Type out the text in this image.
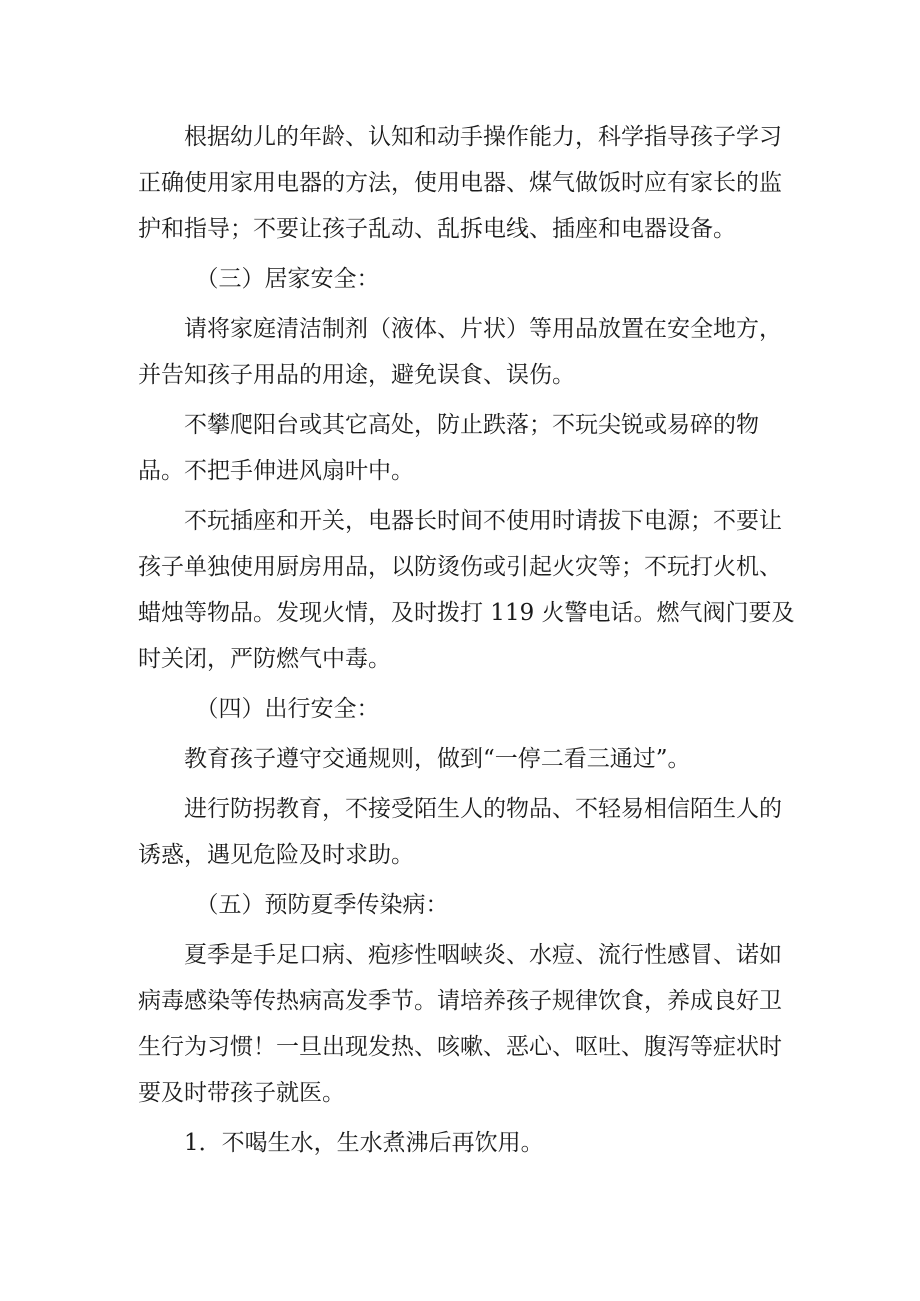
根据幼儿的年龄、认知和动手操作能力，科学指导孩子学习
正确使用家用电器的方法，使用电器、煤气做饭时应有家长的监
护和指导；不要让孩子乱动、乱拆电线、插座和电器设备。
（三）居家安全：
请将家庭清洁制剂（液体、片状）等用品放置在安全地方，
并告知孩子用品的用途，避免误食、误伤。
不攀爬阳台或其它高处，防止跌落；不玩尖锐或易碎的物
品。不把手伸进风扇叶中。
不玩插座和开关，电器长时间不使用时请拔下电源；不要让
孩子单独使用厨房用品，以防烫伤或引起火灾等；不玩打火机、
蜡烛等物品。发现火情，及时拨打 119 火警电话。燃气阀门要及
时关闭，严防燃气中毒。
（四）出行安全：
教育孩子遵守交通规则，做到“一停二看三通过”。
进行防拐教育，不接受陌生人的物品、不轻易相信陌生人的
诱惑，遇见危险及时求助。
（五）预防夏季传染病：
夏季是手足口病、疱疹性咽峡炎、水痘、流行性感冒、诺如
病毒感染等传热病高发季节。请培养孩子规律饮食，养成良好卫
生行为习惯！一旦出现发热、咳嗽、恶心、呕吐、腹泻等症状时
要及时带孩子就医。
1．不喝生水，生水煮沸后再饮用。
